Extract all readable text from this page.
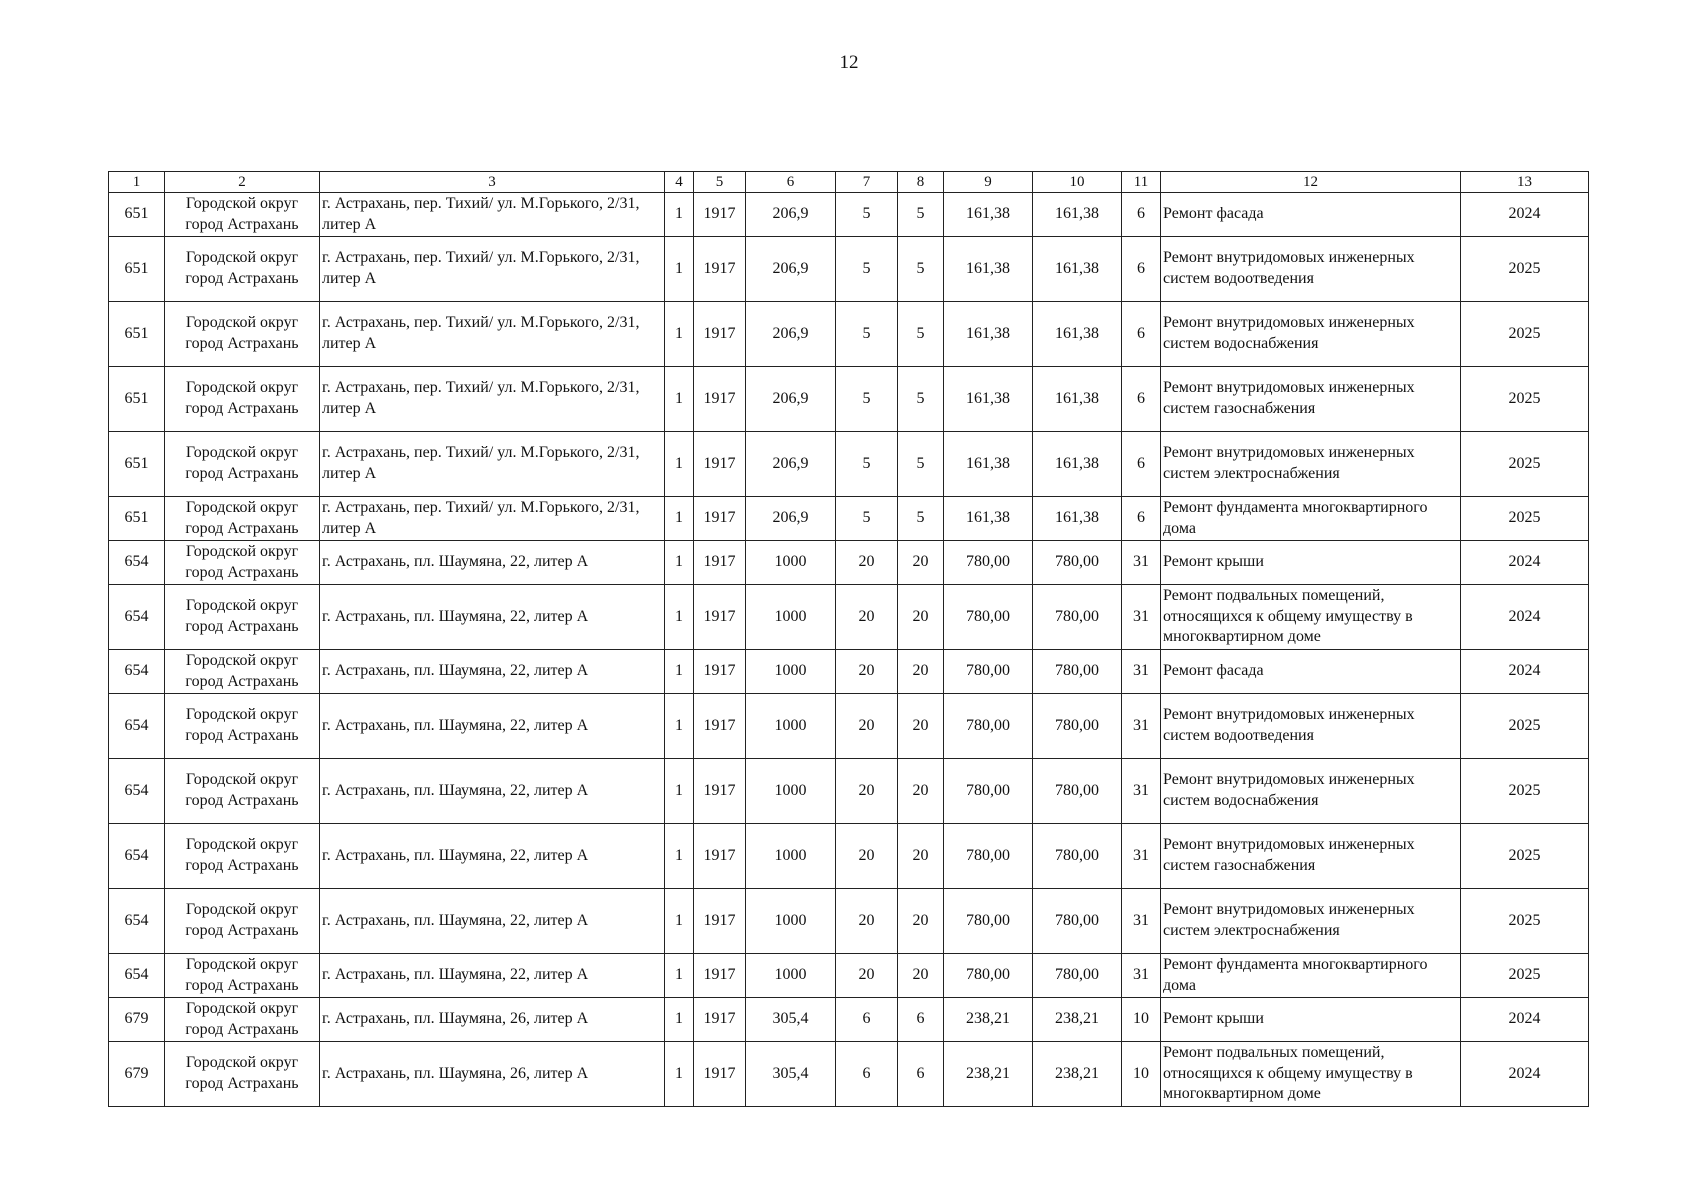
12
1	2	3	4	5	6	7	8	9	10	11	12	13
651	Городской округ город Астрахань	г. Астрахань, пер. Тихий/ ул. М.Горького, 2/31, литер А	1	1917	206,9	5	5	161,38	161,38	6	Ремонт фасада	2024
651	Городской округ город Астрахань	г. Астрахань, пер. Тихий/ ул. М.Горького, 2/31, литер А	1	1917	206,9	5	5	161,38	161,38	6	Ремонт внутридомовых инженерных систем водоотведения	2025
651	Городской округ город Астрахань	г. Астрахань, пер. Тихий/ ул. М.Горького, 2/31, литер А	1	1917	206,9	5	5	161,38	161,38	6	Ремонт внутридомовых инженерных систем водоснабжения	2025
651	Городской округ город Астрахань	г. Астрахань, пер. Тихий/ ул. М.Горького, 2/31, литер А	1	1917	206,9	5	5	161,38	161,38	6	Ремонт внутридомовых инженерных систем газоснабжения	2025
651	Городской округ город Астрахань	г. Астрахань, пер. Тихий/ ул. М.Горького, 2/31, литер А	1	1917	206,9	5	5	161,38	161,38	6	Ремонт внутридомовых инженерных систем электроснабжения	2025
651	Городской округ город Астрахань	г. Астрахань, пер. Тихий/ ул. М.Горького, 2/31, литер А	1	1917	206,9	5	5	161,38	161,38	6	Ремонт фундамента многоквартирного дома	2025
654	Городской округ город Астрахань	г. Астрахань, пл. Шаумяна, 22, литер А	1	1917	1000	20	20	780,00	780,00	31	Ремонт крыши	2024
654	Городской округ город Астрахань	г. Астрахань, пл. Шаумяна, 22, литер А	1	1917	1000	20	20	780,00	780,00	31	Ремонт подвальных помещений, относящихся к общему имуществу в многоквартирном доме	2024
654	Городской округ город Астрахань	г. Астрахань, пл. Шаумяна, 22, литер А	1	1917	1000	20	20	780,00	780,00	31	Ремонт фасада	2024
654	Городской округ город Астрахань	г. Астрахань, пл. Шаумяна, 22, литер А	1	1917	1000	20	20	780,00	780,00	31	Ремонт внутридомовых инженерных систем водоотведения	2025
654	Городской округ город Астрахань	г. Астрахань, пл. Шаумяна, 22, литер А	1	1917	1000	20	20	780,00	780,00	31	Ремонт внутридомовых инженерных систем водоснабжения	2025
654	Городской округ город Астрахань	г. Астрахань, пл. Шаумяна, 22, литер А	1	1917	1000	20	20	780,00	780,00	31	Ремонт внутридомовых инженерных систем газоснабжения	2025
654	Городской округ город Астрахань	г. Астрахань, пл. Шаумяна, 22, литер А	1	1917	1000	20	20	780,00	780,00	31	Ремонт внутридомовых инженерных систем электроснабжения	2025
654	Городской округ город Астрахань	г. Астрахань, пл. Шаумяна, 22, литер А	1	1917	1000	20	20	780,00	780,00	31	Ремонт фундамента многоквартирного дома	2025
679	Городской округ город Астрахань	г. Астрахань, пл. Шаумяна, 26, литер А	1	1917	305,4	6	6	238,21	238,21	10	Ремонт крыши	2024
679	Городской округ город Астрахань	г. Астрахань, пл. Шаумяна, 26, литер А	1	1917	305,4	6	6	238,21	238,21	10	Ремонт подвальных помещений, относящихся к общему имуществу в многоквартирном доме	2024
